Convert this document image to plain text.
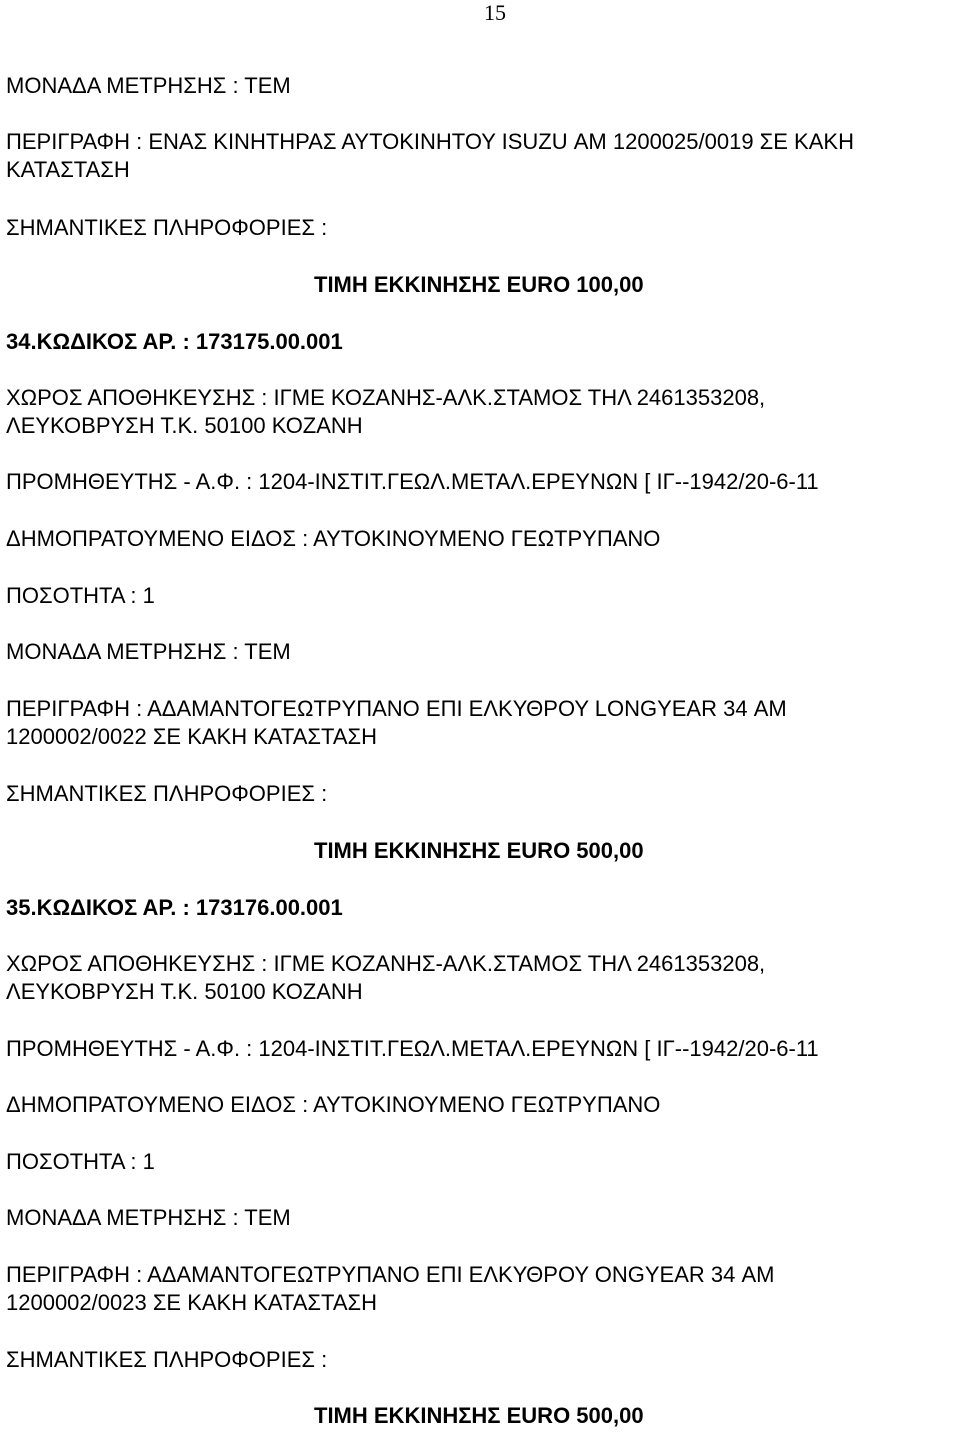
15
ΜΟΝΑΔΑ ΜΕΤΡΗΣΗΣ : ΤΕΜ
ΠΕΡΙΓΡΑΦΗ : ΕΝΑΣ ΚΙΝΗΤΗΡΑΣ ΑΥΤΟΚΙΝΗΤΟΥ ISUZU ΑΜ 1200025/0019 ΣΕ ΚΑΚΗ
ΚΑΤΑΣΤΑΣΗ
ΣΗΜΑΝΤΙΚΕΣ ΠΛΗΡΟΦΟΡΙΕΣ :
ΤΙΜΗ ΕΚΚΙΝΗΣΗΣ EURO 100,00
34.ΚΩΔΙΚΟΣ ΑΡ. : 173175.00.001
ΧΩΡΟΣ ΑΠΟΘΗΚΕΥΣΗΣ : ΙΓΜΕ ΚΟΖΑΝΗΣ-ΑΛΚ.ΣΤΑΜΟΣ ΤΗΛ 2461353208,
ΛΕΥΚΟΒΡΥΣΗ Τ.Κ. 50100 ΚΟΖΑΝΗ
ΠΡΟΜΗΘΕΥΤΗΣ - Α.Φ. : 1204-ΙΝΣΤΙΤ.ΓΕΩΛ.ΜΕΤΑΛ.ΕΡΕΥΝΩΝ [ ΙΓ--1942/20-6-11
ΔΗΜΟΠΡΑΤΟΥΜΕΝΟ ΕΙΔΟΣ : ΑΥΤΟΚΙΝΟΥΜΕΝΟ ΓΕΩΤΡΥΠΑΝΟ
ΠΟΣΟΤΗΤΑ : 1
ΜΟΝΑΔΑ ΜΕΤΡΗΣΗΣ : ΤΕΜ
ΠΕΡΙΓΡΑΦΗ : ΑΔΑΜΑΝΤΟΓΕΩΤΡΥΠΑΝΟ ΕΠΙ ΕΛΚΥΘΡΟΥ LONGYEAR 34 ΑΜ
1200002/0022 ΣΕ ΚΑΚΗ ΚΑΤΑΣΤΑΣΗ
ΣΗΜΑΝΤΙΚΕΣ ΠΛΗΡΟΦΟΡΙΕΣ :
ΤΙΜΗ ΕΚΚΙΝΗΣΗΣ EURO 500,00
35.ΚΩΔΙΚΟΣ ΑΡ. : 173176.00.001
ΧΩΡΟΣ ΑΠΟΘΗΚΕΥΣΗΣ : ΙΓΜΕ ΚΟΖΑΝΗΣ-ΑΛΚ.ΣΤΑΜΟΣ ΤΗΛ 2461353208,
ΛΕΥΚΟΒΡΥΣΗ Τ.Κ. 50100 ΚΟΖΑΝΗ
ΠΡΟΜΗΘΕΥΤΗΣ - Α.Φ. : 1204-ΙΝΣΤΙΤ.ΓΕΩΛ.ΜΕΤΑΛ.ΕΡΕΥΝΩΝ [ ΙΓ--1942/20-6-11
ΔΗΜΟΠΡΑΤΟΥΜΕΝΟ ΕΙΔΟΣ : ΑΥΤΟΚΙΝΟΥΜΕΝΟ ΓΕΩΤΡΥΠΑΝΟ
ΠΟΣΟΤΗΤΑ : 1
ΜΟΝΑΔΑ ΜΕΤΡΗΣΗΣ : ΤΕΜ
ΠΕΡΙΓΡΑΦΗ : ΑΔΑΜΑΝΤΟΓΕΩΤΡΥΠΑΝΟ ΕΠΙ ΕΛΚΥΘΡΟΥ ONGYEAR 34 ΑΜ
1200002/0023 ΣΕ ΚΑΚΗ ΚΑΤΑΣΤΑΣΗ
ΣΗΜΑΝΤΙΚΕΣ ΠΛΗΡΟΦΟΡΙΕΣ :
ΤΙΜΗ ΕΚΚΙΝΗΣΗΣ EURO 500,00
